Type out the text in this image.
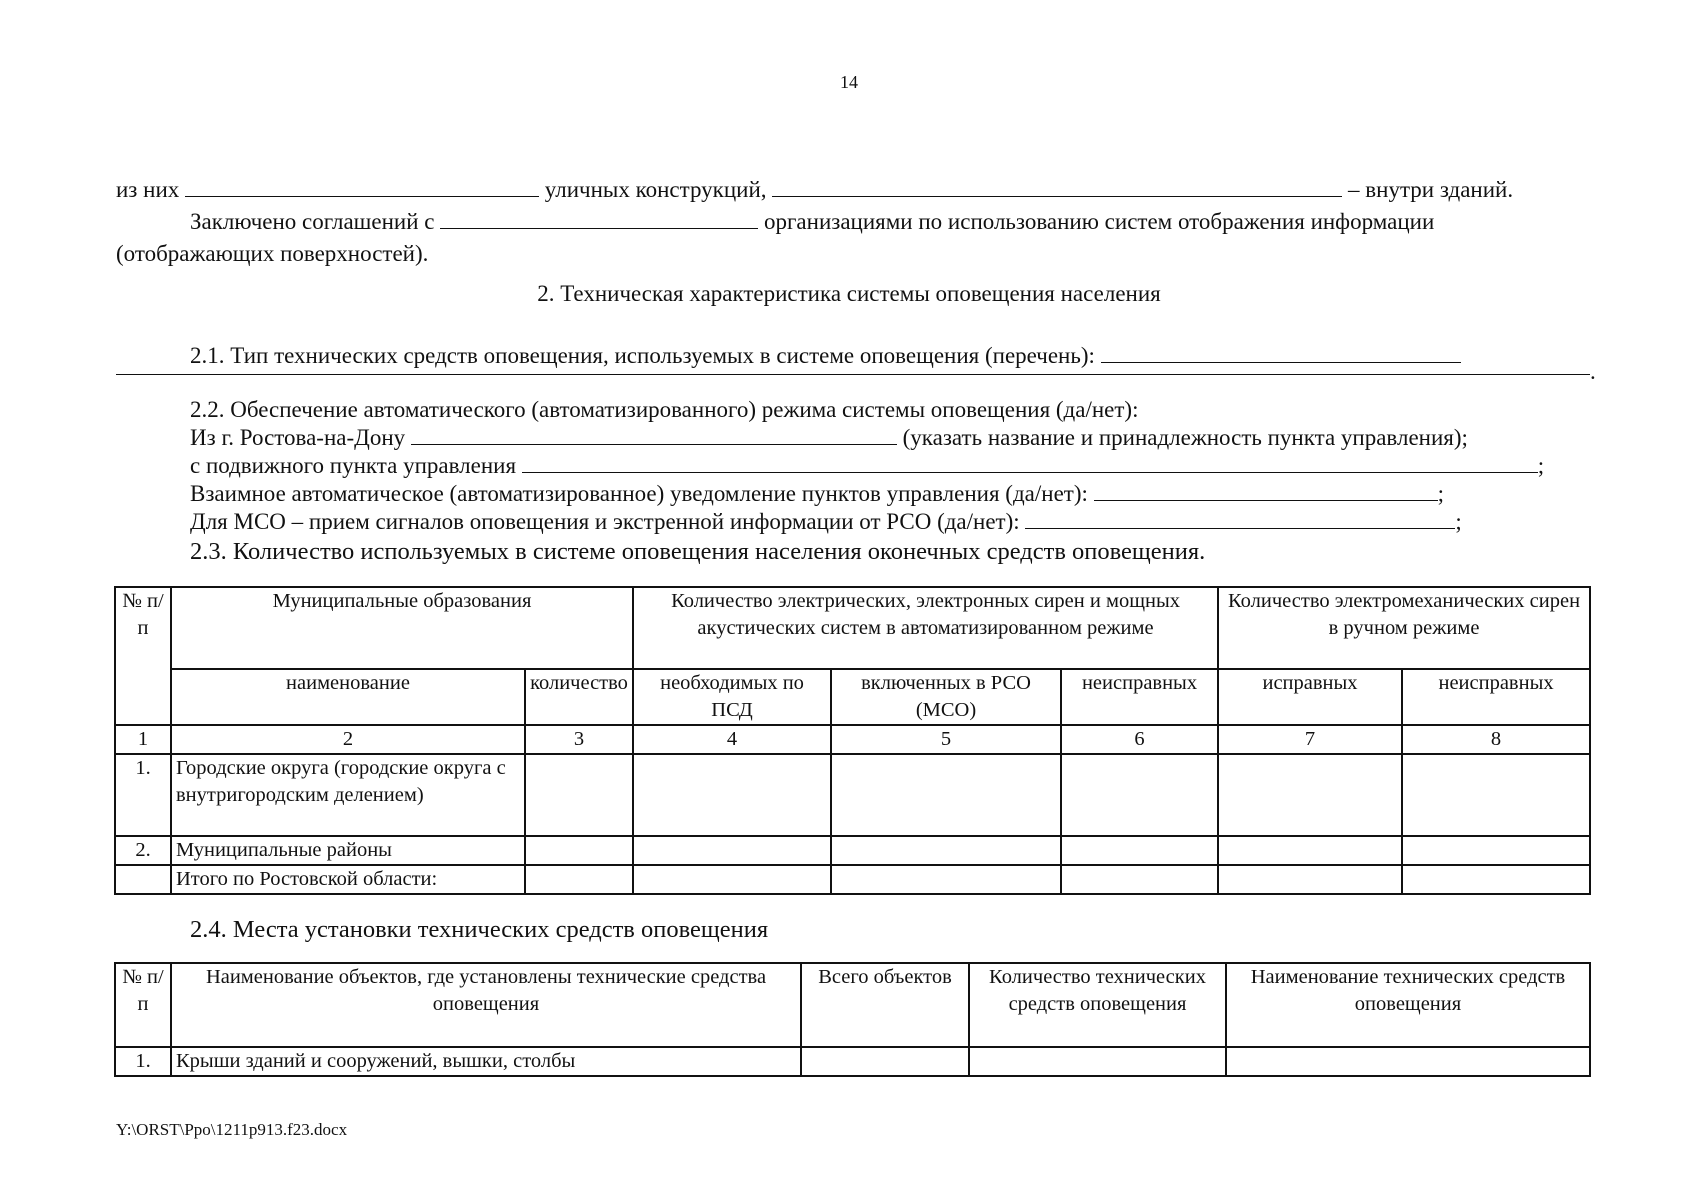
14
из них	уличных конструкций,	– внутри зданий.
Заключено соглашений с	организациями по использованию систем отображения информации
(отображающих поверхностей).
2. Техническая характеристика системы оповещения населения
2.1. Тип технических средств оповещения, используемых в системе оповещения (перечень):
.
2.2. Обеспечение автоматического (автоматизированного) режима системы оповещения (да/нет):
Из г. Ростова-на-Дону	(указать название и принадлежность пункта управления);
с подвижного пункта управления	;
Взаимное автоматическое (автоматизированное) уведомление пунктов управления (да/нет):	;
Для МСО – прием сигналов оповещения и экстренной информации от РСО (да/нет):	;
2.3. Количество используемых в системе оповещения населения оконечных средств оповещения.
№ п/п	Муниципальные образования		Количество электрических, электронных сирен и мощных акустических систем в автоматизированном режиме			Количество электромеханических сирен в ручном режиме	
	наименование	количество	необходимых по ПСД	включенных в РСО (МСО)	неисправных	исправных	неисправных
1	2	3	4	5	6	7	8
1.	Городские округа (городские округа с внутригородским делением)						
2.	Муниципальные районы						
	Итого по Ростовской области:						
2.4. Места установки технических средств оповещения
№ п/п	Наименование объектов, где установлены технические средства оповещения	Всего объектов	Количество технических средств оповещения	Наименование технических средств оповещения
1.	Крыши зданий и сооружений, вышки, столбы			
Y:\ORST\Ppo\1211p913.f23.docx
